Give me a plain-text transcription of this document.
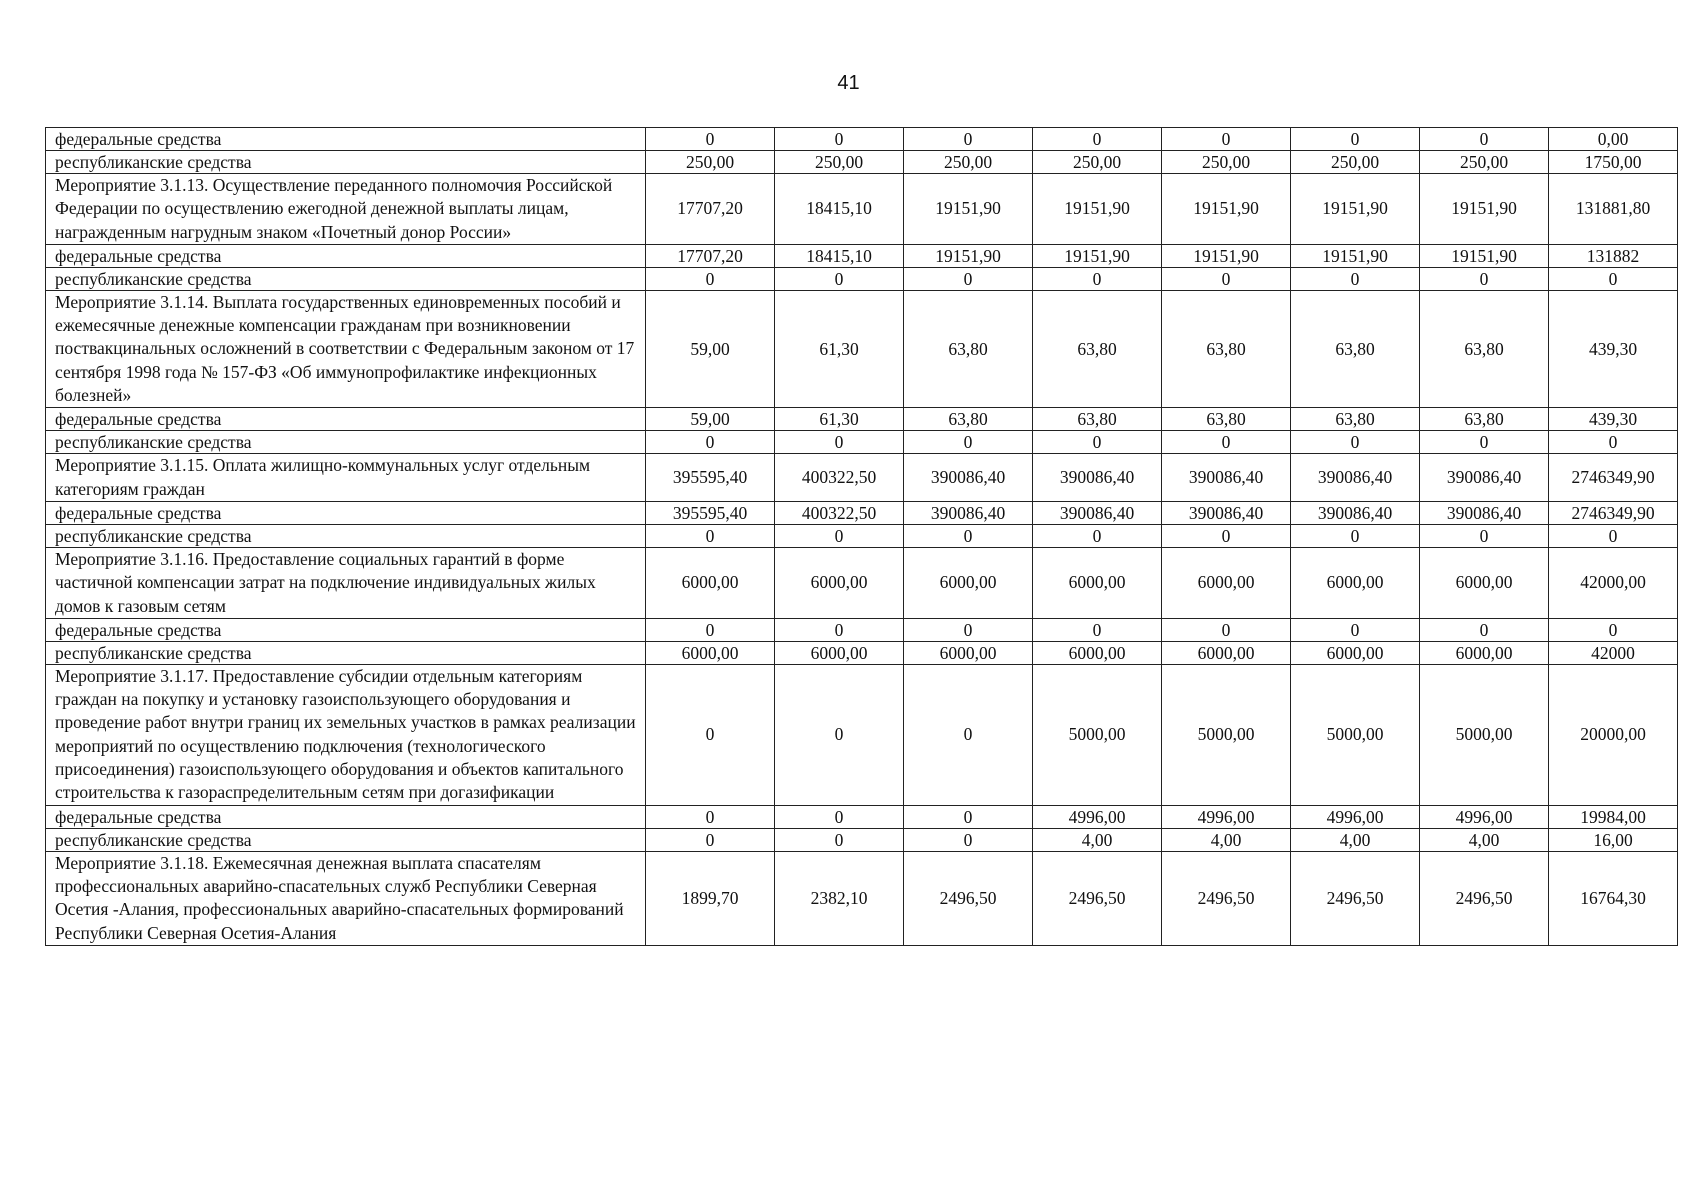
41
федеральные средства	0	0	0	0	0	0	0	0,00
республиканские средства	250,00	250,00	250,00	250,00	250,00	250,00	250,00	1750,00
Мероприятие 3.1.13. Осуществление переданного полномочия Российской Федерации по осуществлению ежегодной денежной выплаты лицам, награжденным нагрудным знаком «Почетный донор России»	17707,20	18415,10	19151,90	19151,90	19151,90	19151,90	19151,90	131881,80
федеральные средства	17707,20	18415,10	19151,90	19151,90	19151,90	19151,90	19151,90	131882
республиканские средства	0	0	0	0	0	0	0	0
Мероприятие 3.1.14. Выплата государственных единовременных пособий и ежемесячные денежные компенсации гражданам при возникновении поствакцинальных осложнений в соответствии с Федеральным законом от 17 сентября 1998 года № 157-ФЗ «Об иммунопрофилактике инфекционных болезней»	59,00	61,30	63,80	63,80	63,80	63,80	63,80	439,30
федеральные средства	59,00	61,30	63,80	63,80	63,80	63,80	63,80	439,30
республиканские средства	0	0	0	0	0	0	0	0
Мероприятие 3.1.15. Оплата жилищно-коммунальных услуг отдельным категориям граждан	395595,40	400322,50	390086,40	390086,40	390086,40	390086,40	390086,40	2746349,90
федеральные средства	395595,40	400322,50	390086,40	390086,40	390086,40	390086,40	390086,40	2746349,90
республиканские средства	0	0	0	0	0	0	0	0
Мероприятие 3.1.16. Предоставление социальных гарантий в форме частичной компенсации затрат на подключение индивидуальных жилых домов к газовым сетям	6000,00	6000,00	6000,00	6000,00	6000,00	6000,00	6000,00	42000,00
федеральные средства	0	0	0	0	0	0	0	0
республиканские средства	6000,00	6000,00	6000,00	6000,00	6000,00	6000,00	6000,00	42000
Мероприятие 3.1.17. Предоставление субсидии отдельным категориям граждан на покупку и установку газоиспользующего оборудования и проведение работ внутри границ их земельных участков в рамках реализации мероприятий по осуществлению подключения (технологического присоединения) газоиспользующего оборудования и объектов капитального строительства к газораспределительным сетям при догазификации	0	0	0	5000,00	5000,00	5000,00	5000,00	20000,00
федеральные средства	0	0	0	4996,00	4996,00	4996,00	4996,00	19984,00
республиканские средства	0	0	0	4,00	4,00	4,00	4,00	16,00
Мероприятие 3.1.18. Ежемесячная денежная выплата спасателям профессиональных аварийно-спасательных служб Республики Северная Осетия -Алания, профессиональных аварийно-спасательных формирований Республики Северная Осетия-Алания	1899,70	2382,10	2496,50	2496,50	2496,50	2496,50	2496,50	16764,30
